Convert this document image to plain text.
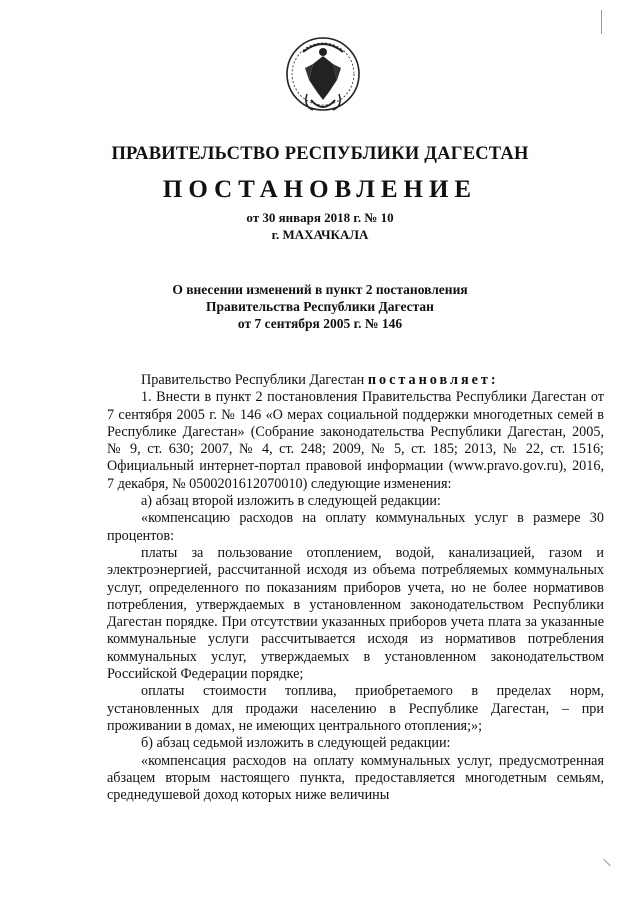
ПРАВИТЕЛЬСТВО РЕСПУБЛИКИ ДАГЕСТАН
ПОСТАНОВЛЕНИЕ
от 30 января 2018 г. № 10
г. МАХАЧКАЛА
О внесении изменений в пункт 2 постановления
Правительства Республики Дагестан
от 7 сентября 2005 г. № 146

Правительство Республики Дагестан постановляет:

1. Внести в пункт 2 постановления Правительства Республики Дагестан от 7 сентября 2005 г. № 146 «О мерах социальной поддержки многодетных семей в Республике Дагестан» (Собрание законодательства Республики Дагестан, 2005, № 9, ст. 630; 2007, № 4, ст. 248; 2009, № 5, ст. 185; 2013, № 22, ст. 1516; Официальный интернет-портал правовой информации (www.pravo.gov.ru), 2016, 7 декабря, № 0500201612070010) следующие изменения:

а) абзац второй изложить в следующей редакции:

«компенсацию расходов на оплату коммунальных услуг в размере 30 процентов:

платы за пользование отоплением, водой, канализацией, газом и электроэнергией, рассчитанной исходя из объема потребляемых коммунальных услуг, определенного по показаниям приборов учета, но не более нормативов потребления, утверждаемых в установленном законодательством Республики Дагестан порядке. При отсутствии указанных приборов учета плата за указанные коммунальные услуги рассчитывается исходя из нормативов потребления коммунальных услуг, утверждаемых в установленном законодательством Российской Федерации порядке;

оплаты стоимости топлива, приобретаемого в пределах норм, установленных для продажи населению в Республике Дагестан, – при проживании в домах, не имеющих центрального отопления;»;

б) абзац седьмой изложить в следующей редакции:

«компенсация расходов на оплату коммунальных услуг, предусмотренная абзацем вторым настоящего пункта, предоставляется многодетным семьям, среднедушевой доход которых ниже величины
